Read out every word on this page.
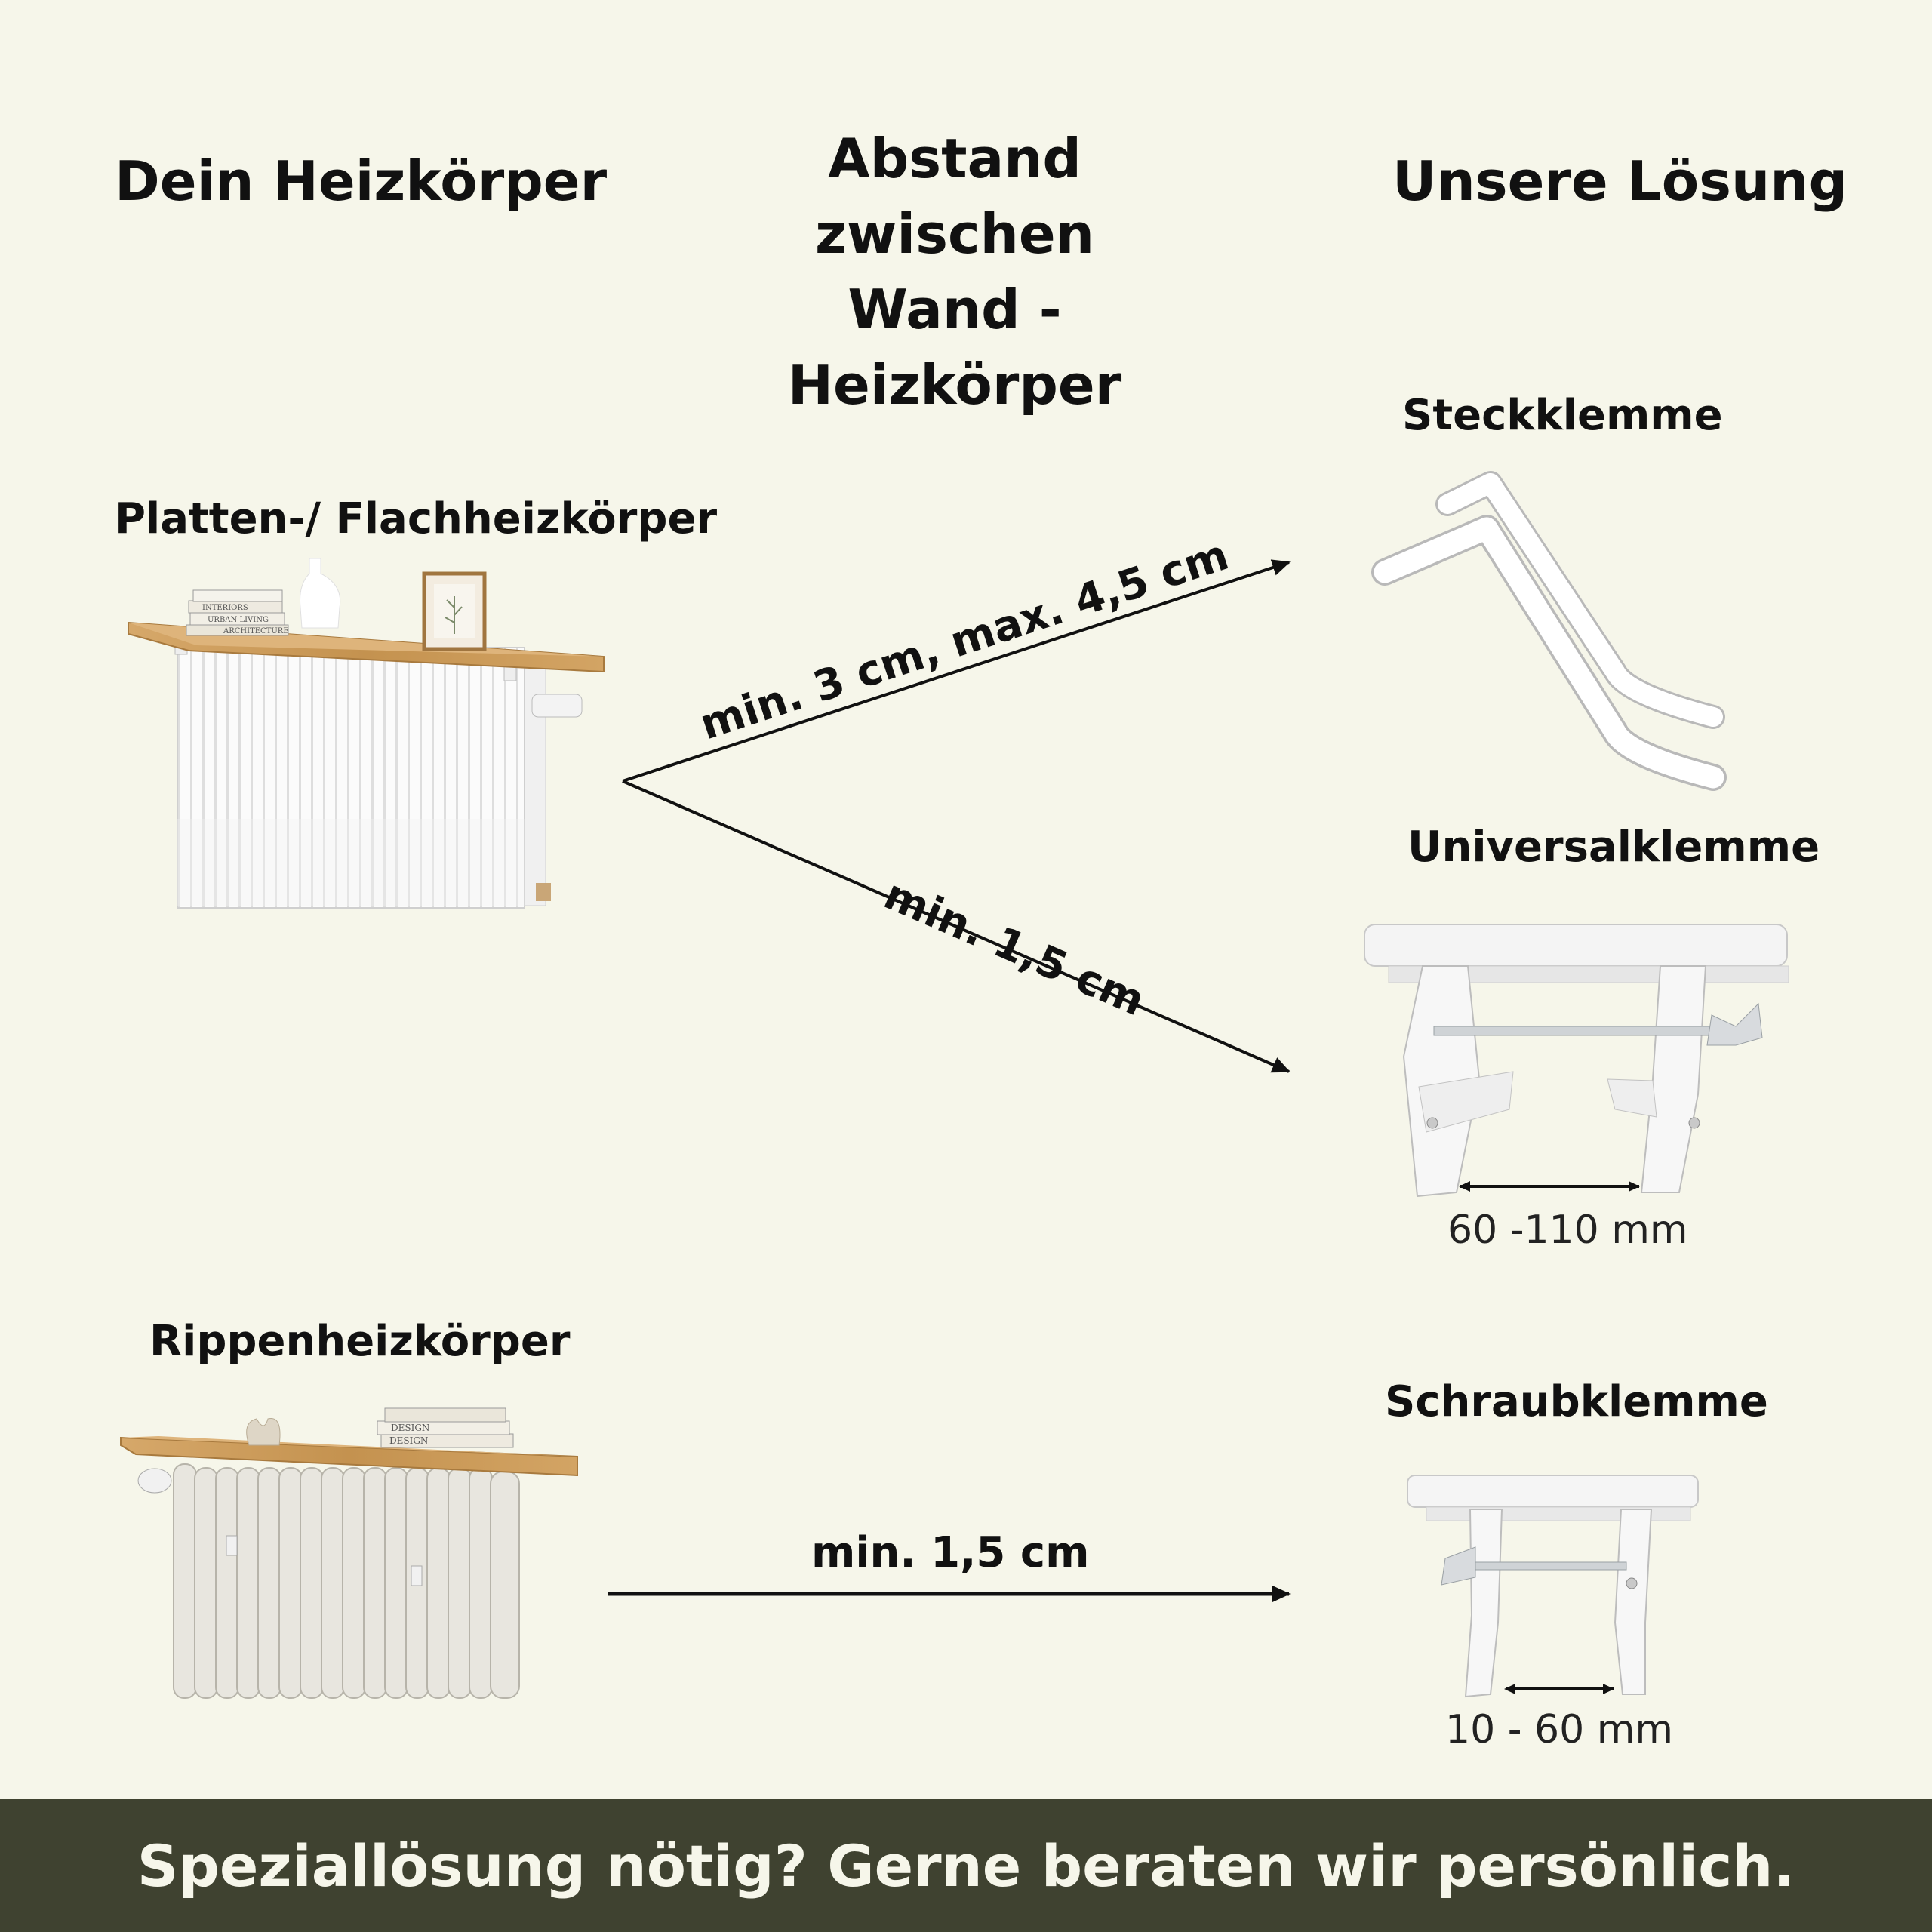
Dein Heizkörper	Abstand zwischen
Wand - Heizkörper
Unsere Lösung
Platten-/ Flachheizkörper
Rippenheizkörper
Steckklemme
Universalklemme
Schraubklemme
60 -110 mm
10 - 60 mm
ARCHITECTURE
URBAN LIVING
INTERIORS
DESIGN
DESIGN
min. 3 cm, max. 4,5 cm
min. 1,5 cm
min. 1,5 cm
Speziallösung nötig? Gerne beraten wir persönlich.
